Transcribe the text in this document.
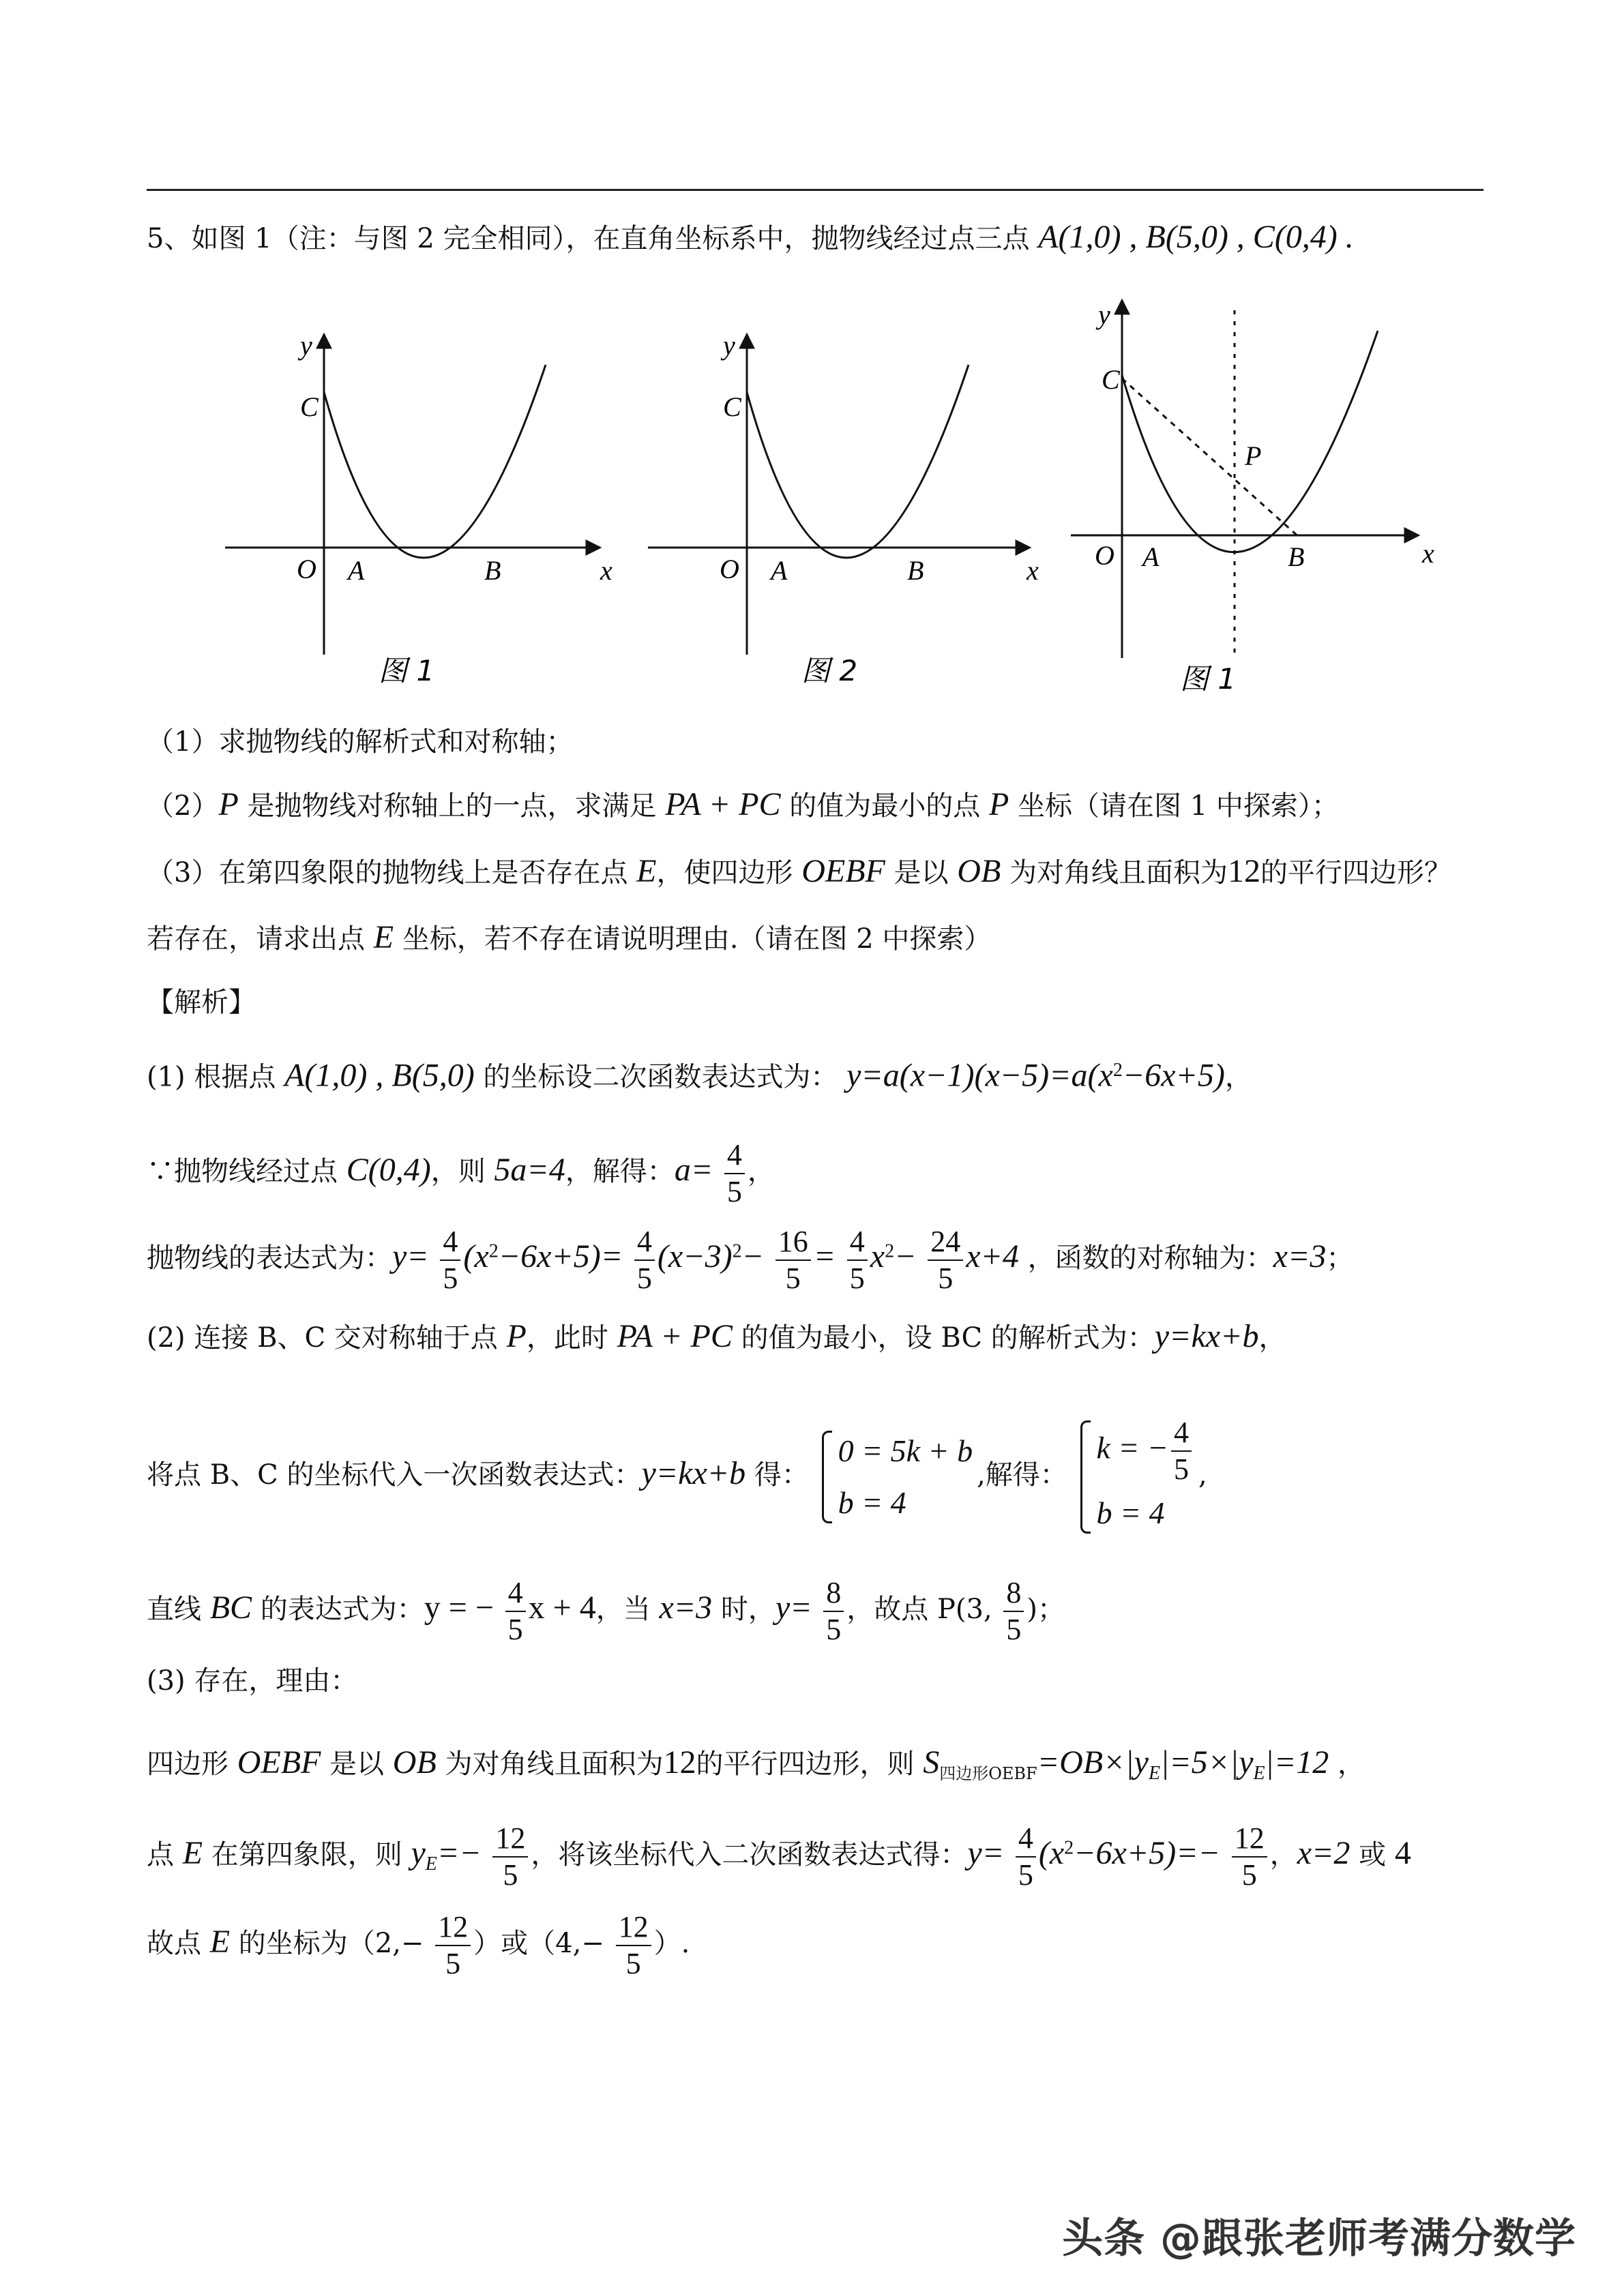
5、如图 1（注：与图 2 完全相同），在直角坐标系中，抛物线经过点三点 A(1,0) , B(5,0) , C(0,4) .
y
x
C
O A	B
图 1
y
x
C
O A	B
图 2
y
x
C
P
O A	B
图 1
（1）求抛物线的解析式和对称轴；
（2）P 是抛物线对称轴上的一点，求满足 PA + PC 的值为最小的点 P 坐标（请在图 1 中探索）；
（3）在第四象限的抛物线上是否存在点 E，使四边形 OEBF 是以 OB 为对角线且面积为12的平行四边形？
若存在，请求出点 E 坐标，若不存在请说明理由.（请在图 2 中探索）
【解析】
(1) 根据点 A(1,0) , B(5,0) 的坐标设二次函数表达式为： $y=a(x-1)(x-5)=a(x^2-6x+5)$，
∵抛物线经过点 C(0,4)，则 5a=4，解得：$a= \frac{4}{5}$ ，
抛物线的表达式为：$y= \frac{4}{5} (x^2-6x+5)= \frac{4}{5} (x-3)^2- \frac{16}{5} = \frac{4}{5} x^2- \frac{24}{5} x+4$ ，函数的对称轴为：x=3；
(2) 连接 B、C 交对称轴于点 P，此时 PA + PC 的值为最小，设 BC 的解析式为：y=kx+b，
将点 B、C 的坐标代入一次函数表达式：y=kx+b 得：
0 = 5k + b
b = 4
,解得：
k = − $\frac{4}{5}$
b = 4
,
直线 BC 的表达式为：y = − $\frac{4}{5}$ x + 4，当 x=3 时，$y= \frac{8}{5}$ ，故点 P(3, $\frac{8}{5}$ )；
(3) 存在，理由：
四边形 OEBF 是以 OB 为对角线且面积为12的平行四边形，则 $S_{四边形OEBF}=OB\times|y_E|=5\times|y_E|=12$ ，
点 E 在第四象限，则 $y_E=- \frac{12}{5}$ ，将该坐标代入二次函数表达式得：$y= \frac{4}{5} (x^2-6x+5)=- \frac{12}{5}$ ，x=2 或 4
故点 E 的坐标为（$2,- \frac{12}{5}$ ）或（$4,- \frac{12}{5}$ ）.
头条 @跟张老师考满分数学
